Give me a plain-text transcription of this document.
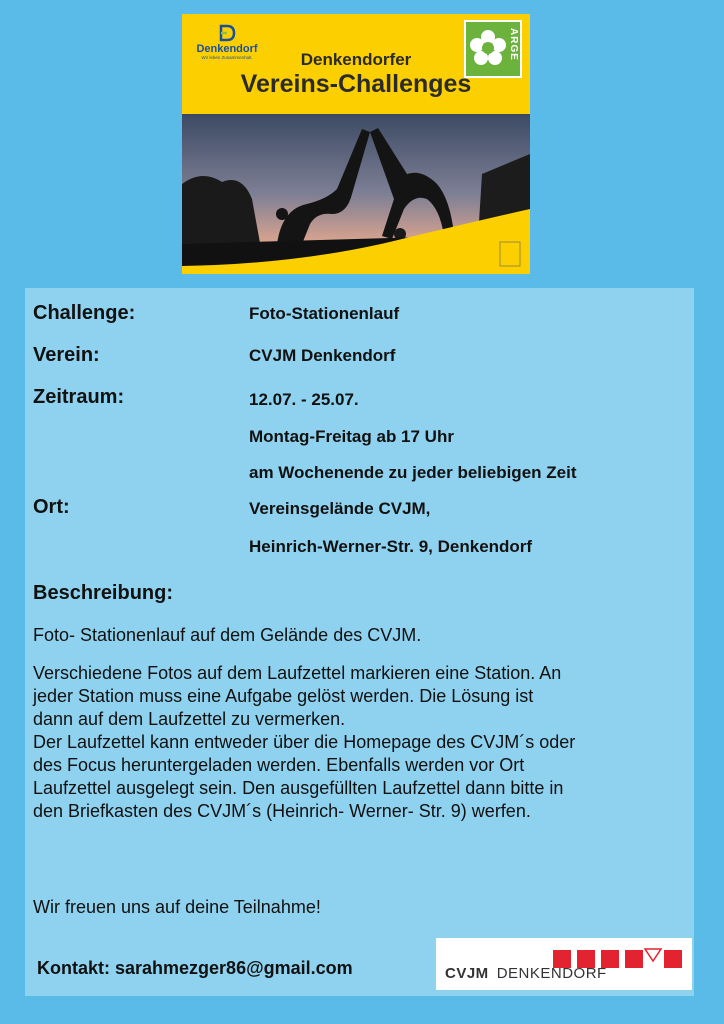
Denkendorf
Wir leben Zusammenhalt.	ARGE
Denkendorfer
Vereins-Challenges
Challenge:	Foto-Stationenlauf
Verein:	CVJM Denkendorf
Zeitraum:	12.07. - 25.07.
Montag-Freitag ab 17 Uhr
am Wochenende zu jeder beliebigen Zeit
Ort:	Vereinsgelände CVJM,
Heinrich-Werner-Str. 9, Denkendorf
Beschreibung:
Foto- Stationenlauf auf dem Gelände des CVJM.
Verschiedene Fotos auf dem Laufzettel markieren eine Station. An
jeder Station muss eine Aufgabe gelöst werden. Die Lösung ist
dann auf dem Laufzettel zu vermerken.
Der Laufzettel kann entweder über die Homepage des CVJM´s oder
des Focus heruntergeladen werden. Ebenfalls werden vor Ort
Laufzettel ausgelegt sein. Den ausgefüllten Laufzettel dann bitte in
den Briefkasten des CVJM´s (Heinrich- Werner- Str. 9) werfen.
Wir freuen uns auf deine Teilnahme!
Kontakt: sarahmezger86@gmail.com	CVJM DENKENDORF
